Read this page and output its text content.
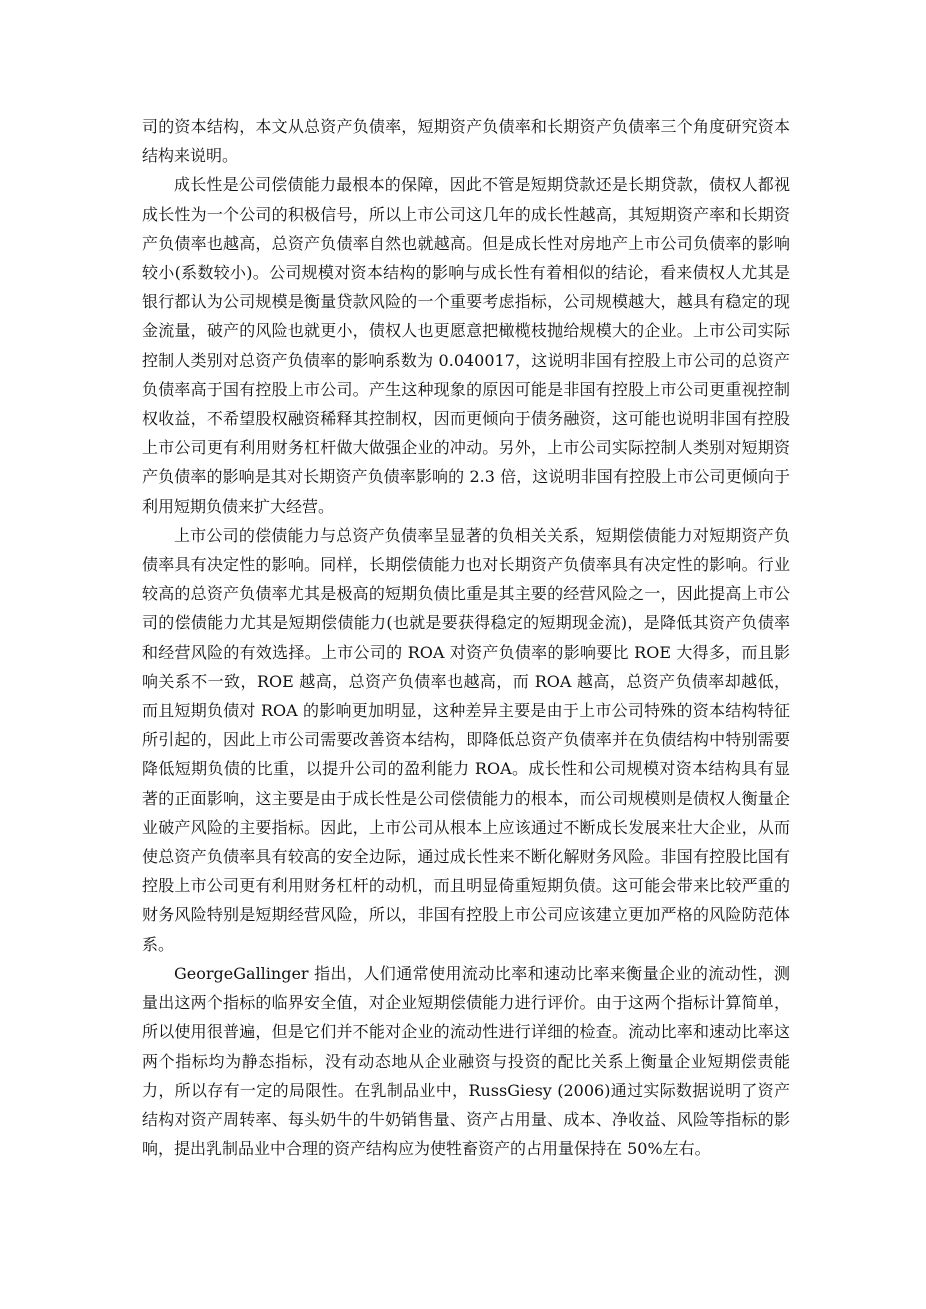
司的资本结构，本文从总资产负债率，短期资产负债率和长期资产负债率三个角度研究资本结构来说明。

成长性是公司偿债能力最根本的保障，因此不管是短期贷款还是长期贷款，债权人都视成长性为一个公司的积极信号，所以上市公司这几年的成长性越高，其短期资产率和长期资产负债率也越高，总资产负债率自然也就越高。但是成长性对房地产上市公司负债率的影响较小(系数较小)。公司规模对资本结构的影响与成长性有着相似的结论，看来债权人尤其是银行都认为公司规模是衡量贷款风险的一个重要考虑指标，公司规模越大，越具有稳定的现金流量，破产的风险也就更小，债权人也更愿意把橄榄枝抛给规模大的企业。上市公司实际控制人类别对总资产负债率的影响系数为 0.040017，这说明非国有控股上市公司的总资产负债率高于国有控股上市公司。产生这种现象的原因可能是非国有控股上市公司更重视控制权收益，不希望股权融资稀释其控制权，因而更倾向于债务融资，这可能也说明非国有控股上市公司更有利用财务杠杆做大做强企业的冲动。另外，上市公司实际控制人类别对短期资产负债率的影响是其对长期资产负债率影响的 2.3 倍，这说明非国有控股上市公司更倾向于利用短期负债来扩大经营。

上市公司的偿债能力与总资产负债率呈显著的负相关关系，短期偿债能力对短期资产负债率具有决定性的影响。同样，长期偿债能力也对长期资产负债率具有决定性的影响。行业较高的总资产负债率尤其是极高的短期负债比重是其主要的经营风险之一，因此提高上市公司的偿债能力尤其是短期偿债能力(也就是要获得稳定的短期现金流)，是降低其资产负债率和经营风险的有效选择。上市公司的 ROA 对资产负债率的影响要比 ROE 大得多，而且影响关系不一致，ROE 越高，总资产负债率也越高，而 ROA 越高，总资产负债率却越低，而且短期负债对 ROA 的影响更加明显，这种差异主要是由于上市公司特殊的资本结构特征所引起的，因此上市公司需要改善资本结构，即降低总资产负债率并在负债结构中特别需要降低短期负债的比重，以提升公司的盈利能力 ROA。成长性和公司规模对资本结构具有显著的正面影响，这主要是由于成长性是公司偿债能力的根本，而公司规模则是债权人衡量企业破产风险的主要指标。因此，上市公司从根本上应该通过不断成长发展来壮大企业，从而使总资产负债率具有较高的安全边际，通过成长性来不断化解财务风险。非国有控股比国有控股上市公司更有利用财务杠杆的动机，而且明显倚重短期负债。这可能会带来比较严重的财务风险特别是短期经营风险，所以，非国有控股上市公司应该建立更加严格的风险防范体系。

GeorgeGallinger 指出，人们通常使用流动比率和速动比率来衡量企业的流动性，测量出这两个指标的临界安全值，对企业短期偿债能力进行评价。由于这两个指标计算简单，所以使用很普遍，但是它们并不能对企业的流动性进行详细的检查。流动比率和速动比率这两个指标均为静态指标，没有动态地从企业融资与投资的配比关系上衡量企业短期偿责能力，所以存有一定的局限性。在乳制品业中，RussGiesy (2006)通过实际数据说明了资产结构对资产周转率、每头奶牛的牛奶销售量、资产占用量、成本、净收益、风险等指标的影响，提出乳制品业中合理的资产结构应为使牲畜资产的占用量保持在 50%左右。
